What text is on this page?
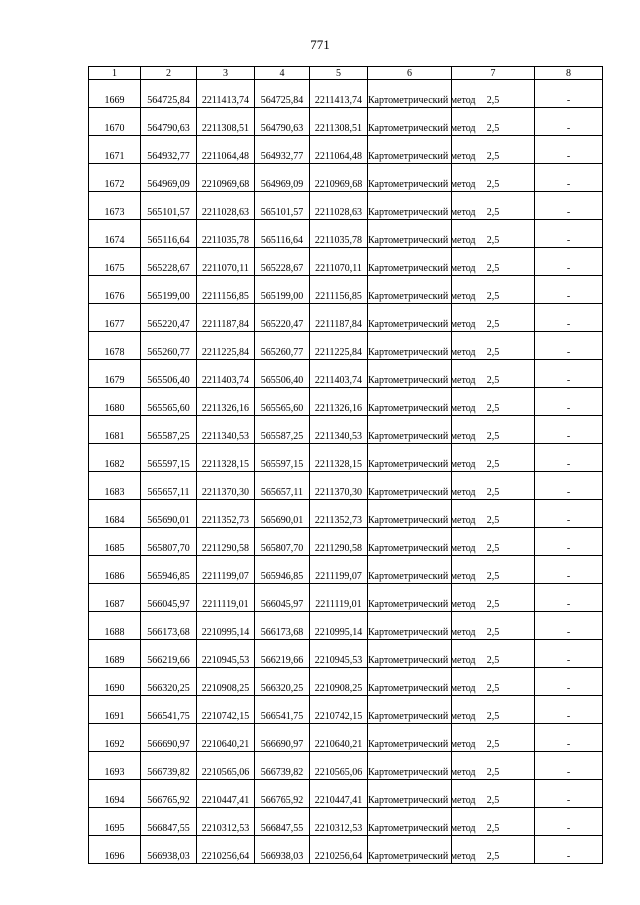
771
1	2	3	4	5	6	7	8
1669	564725,84	2211413,74	564725,84	2211413,74	Картометрический метод	2,5	-
1670	564790,63	2211308,51	564790,63	2211308,51	Картометрический метод	2,5	-
1671	564932,77	2211064,48	564932,77	2211064,48	Картометрический метод	2,5	-
1672	564969,09	2210969,68	564969,09	2210969,68	Картометрический метод	2,5	-
1673	565101,57	2211028,63	565101,57	2211028,63	Картометрический метод	2,5	-
1674	565116,64	2211035,78	565116,64	2211035,78	Картометрический метод	2,5	-
1675	565228,67	2211070,11	565228,67	2211070,11	Картометрический метод	2,5	-
1676	565199,00	2211156,85	565199,00	2211156,85	Картометрический метод	2,5	-
1677	565220,47	2211187,84	565220,47	2211187,84	Картометрический метод	2,5	-
1678	565260,77	2211225,84	565260,77	2211225,84	Картометрический метод	2,5	-
1679	565506,40	2211403,74	565506,40	2211403,74	Картометрический метод	2,5	-
1680	565565,60	2211326,16	565565,60	2211326,16	Картометрический метод	2,5	-
1681	565587,25	2211340,53	565587,25	2211340,53	Картометрический метод	2,5	-
1682	565597,15	2211328,15	565597,15	2211328,15	Картометрический метод	2,5	-
1683	565657,11	2211370,30	565657,11	2211370,30	Картометрический метод	2,5	-
1684	565690,01	2211352,73	565690,01	2211352,73	Картометрический метод	2,5	-
1685	565807,70	2211290,58	565807,70	2211290,58	Картометрический метод	2,5	-
1686	565946,85	2211199,07	565946,85	2211199,07	Картометрический метод	2,5	-
1687	566045,97	2211119,01	566045,97	2211119,01	Картометрический метод	2,5	-
1688	566173,68	2210995,14	566173,68	2210995,14	Картометрический метод	2,5	-
1689	566219,66	2210945,53	566219,66	2210945,53	Картометрический метод	2,5	-
1690	566320,25	2210908,25	566320,25	2210908,25	Картометрический метод	2,5	-
1691	566541,75	2210742,15	566541,75	2210742,15	Картометрический метод	2,5	-
1692	566690,97	2210640,21	566690,97	2210640,21	Картометрический метод	2,5	-
1693	566739,82	2210565,06	566739,82	2210565,06	Картометрический метод	2,5	-
1694	566765,92	2210447,41	566765,92	2210447,41	Картометрический метод	2,5	-
1695	566847,55	2210312,53	566847,55	2210312,53	Картометрический метод	2,5	-
1696	566938,03	2210256,64	566938,03	2210256,64	Картометрический метод	2,5	-
